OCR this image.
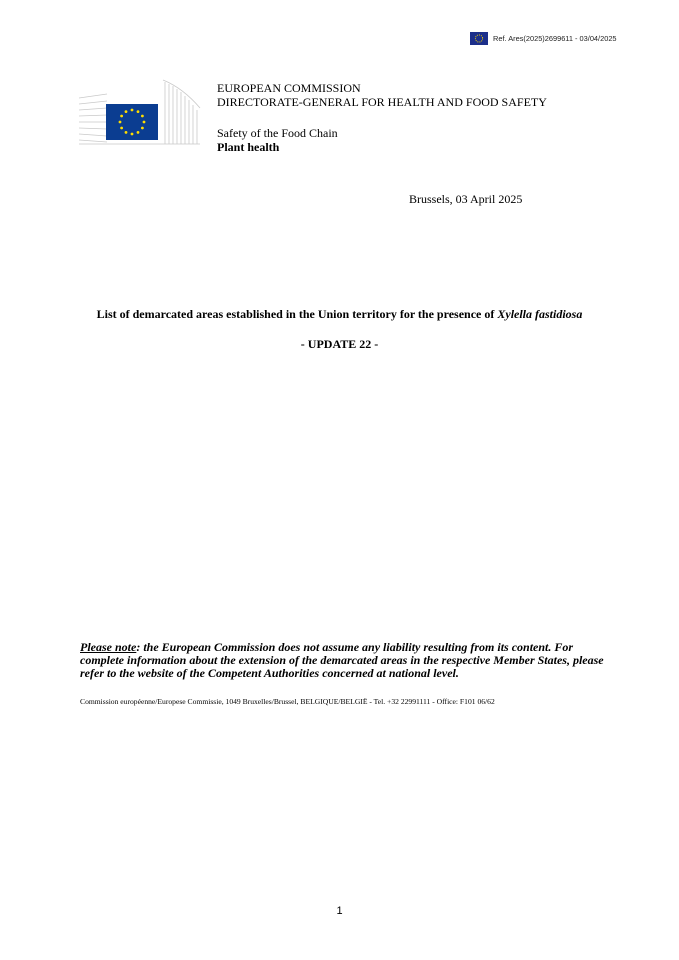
Ref. Ares(2025)2699611 - 03/04/2025
EUROPEAN COMMISSION
DIRECTORATE-GENERAL FOR HEALTH AND FOOD SAFETY
Safety of the Food Chain
Plant health
Brussels, 03 April 2025
List of demarcated areas established in the Union territory for the presence of Xylella fastidiosa
- UPDATE 22 -
Please note: the European Commission does not assume any liability resulting from its content. For complete information about the extension of the demarcated areas in the respective Member States, please refer to the website of the Competent Authorities concerned at national level.
Commission européenne/Europese Commissie, 1049 Bruxelles/Brussel, BELGIQUE/BELGIË - Tel. +32 22991111 - Office: F101 06/62
1
